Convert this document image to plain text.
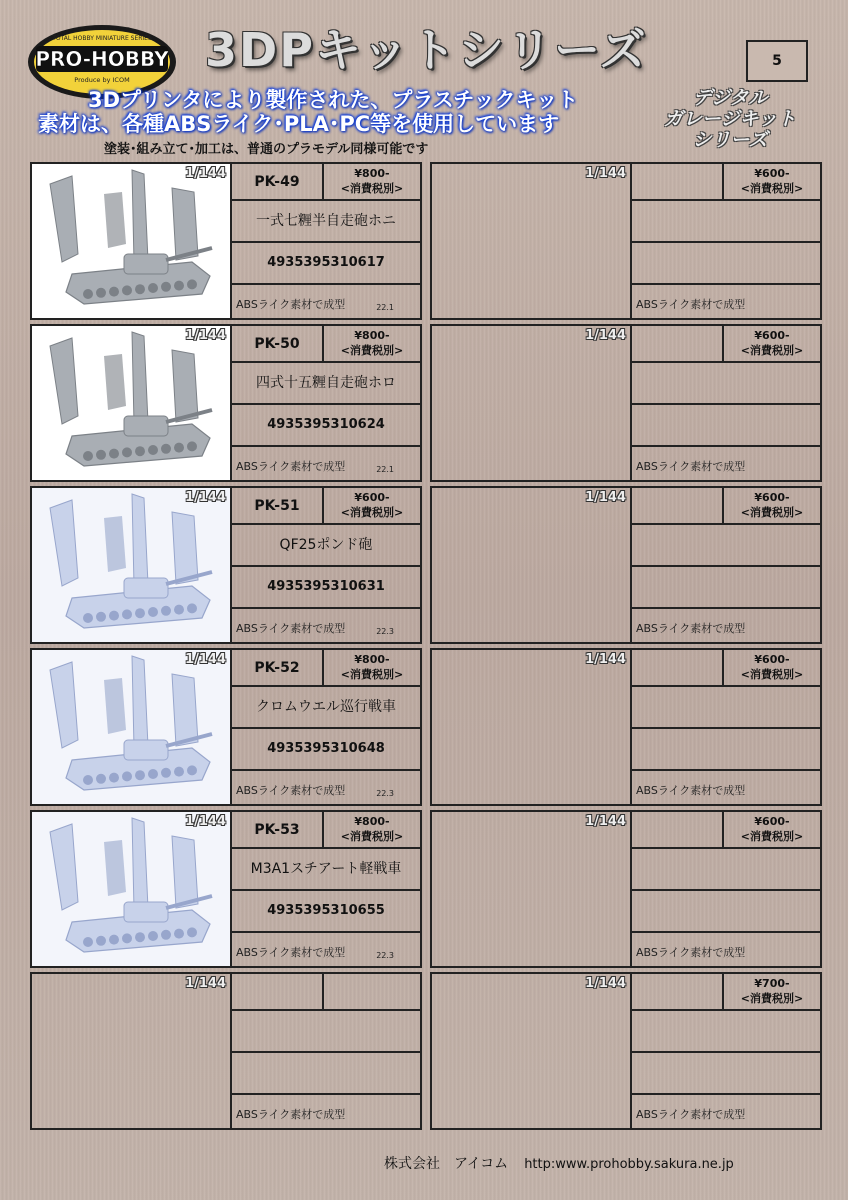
PRO-HOBBY
TOTAL HOBBY MINIATURE SERIES
Produce by ICOM
3DPキットシリーズ	5
3Dプリンタにより製作された、プラスチックキット
素材は、各種ABSライク･PLA･PC等を使用しています
塗装･組み立て･加工は、普通のプラモデル同様可能です
デジタル
ガレージキット
シリーズ
1/144	PK-49	¥800-
<消費税別>
一式七糎半自走砲ホニ
4935395310617
ABSライク素材で成型	22.1
1/144	PK-50	¥800-
<消費税別>
四式十五糎自走砲ホロ
4935395310624
ABSライク素材で成型	22.1
1/144	PK-51	¥600-
<消費税別>
QF25ポンド砲
4935395310631
ABSライク素材で成型	22.3
1/144	PK-52	¥800-
<消費税別>
クロムウエル巡行戦車
4935395310648
ABSライク素材で成型	22.3
1/144	PK-53	¥800-
<消費税別>
M3A1スチアート軽戦車
4935395310655
ABSライク素材で成型	22.3
1/144
ABSライク素材で成型
1/144	¥600-
<消費税別>
ABSライク素材で成型
1/144	¥600-
<消費税別>
ABSライク素材で成型
1/144	¥600-
<消費税別>
ABSライク素材で成型
1/144	¥600-
<消費税別>
ABSライク素材で成型
1/144	¥600-
<消費税別>
ABSライク素材で成型
1/144	¥700-
<消費税別>
ABSライク素材で成型
株式会社　アイコム http:www.prohobby.sakura.ne.jp
